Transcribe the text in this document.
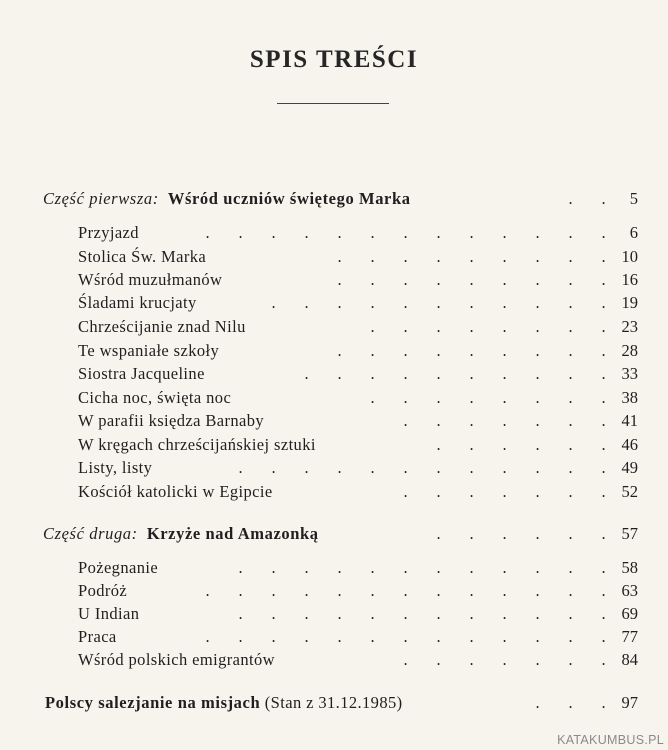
SPIS TREŚCI
Część pierwsza: Wśród uczniów świętego Marka	. .	5
Przyjazd	. . . . . . . . . . . . .	6
Stolica Św. Marka	. . . . . . . . . 10
Wśród muzułmanów	. . . . . . . . . 16
Śladami krucjaty	. . . . . . . . . . . 19
Chrześcijanie znad Nilu	. . . . . . . . 23
Te wspaniałe szkoły	. . . . . . . . . 28
Siostra Jacqueline	. . . . . . . . . . 33
Cicha noc, święta noc	. . . . . . . . 38
W parafii księdza Barnaby	. . . . . . . 41
W kręgach chrześcijańskiej sztuki	. . . . . . 46
Listy, listy	. . . . . . . . . . . . 49
Kościół katolicki w Egipcie	. . . . . . . 52
Część druga: Krzyże nad Amazonką	. . . . . . 57
Pożegnanie	. . . . . . . . . . . . 58
Podróż	. . . . . . . . . . . . . 63
U Indian	. . . . . . . . . . . . 69
Praca	. . . . . . . . . . . . . 77
Wśród polskich emigrantów	. . . . . . . 84
Polscy salezjanie na misjach (Stan z 31.12.1985)	. . . 97
KATAKUMBUS.PL
